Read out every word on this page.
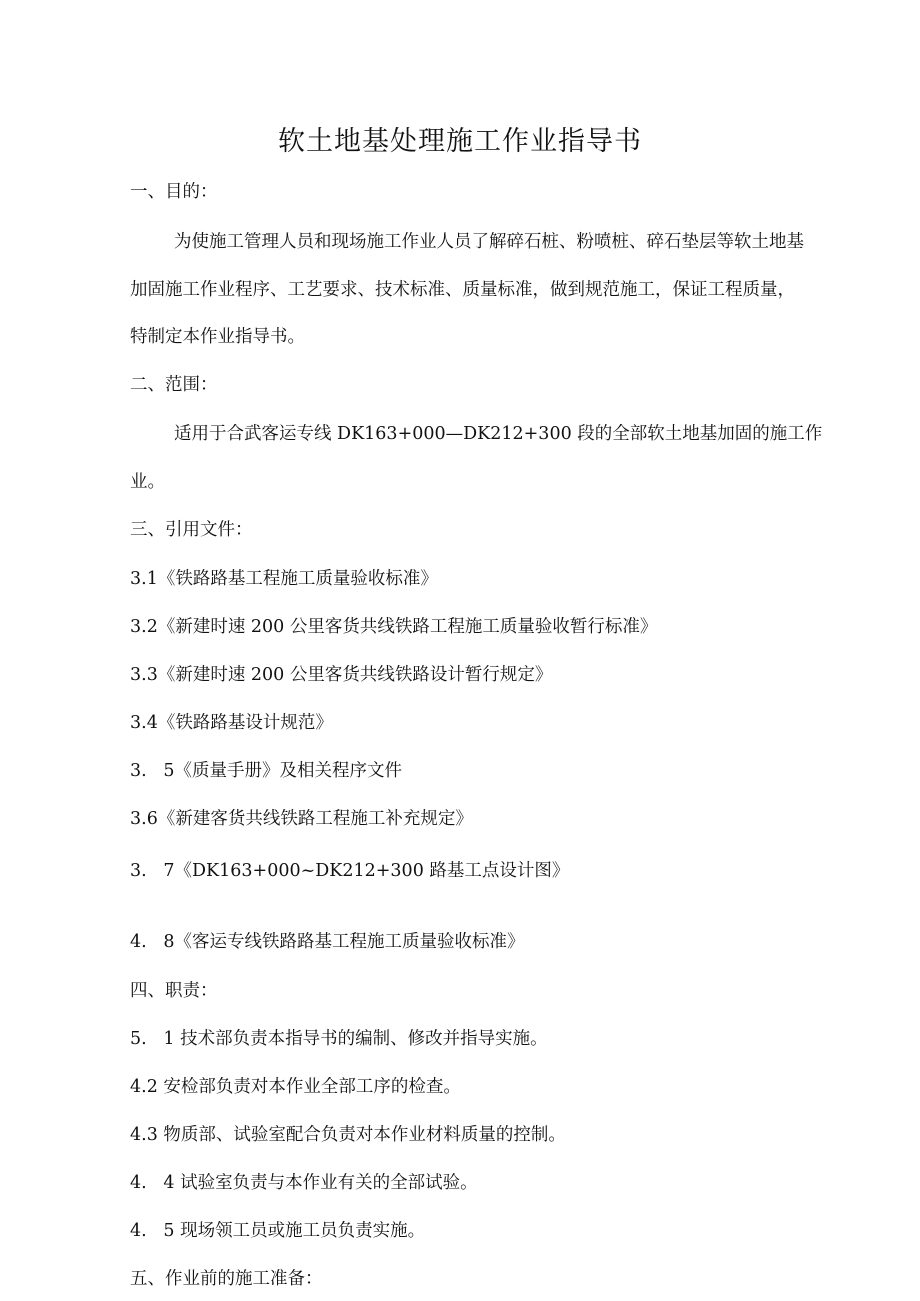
软土地基处理施工作业指导书
一、目的：
为使施工管理人员和现场施工作业人员了解碎石桩、粉喷桩、碎石垫层等软土地基
加固施工作业程序、工艺要求、技术标准、质量标准，做到规范施工，保证工程质量，
特制定本作业指导书。
二、范围：
适用于合武客运专线 DK163+000—DK212+300 段的全部软土地基加固的施工作
业。
三、引用文件：
3.1《铁路路基工程施工质量验收标准》
3.2《新建时速 200 公里客货共线铁路工程施工质量验收暂行标准》
3.3《新建时速 200 公里客货共线铁路设计暂行规定》
3.4《铁路路基设计规范》
3.   5《质量手册》及相关程序文件
3.6《新建客货共线铁路工程施工补充规定》
3.   7《DK163+000~DK212+300 路基工点设计图》
4.   8《客运专线铁路路基工程施工质量验收标准》
四、职责：
5.   1 技术部负责本指导书的编制、修改并指导实施。
4.2 安检部负责对本作业全部工序的检查。
4.3 物质部、试验室配合负责对本作业材料质量的控制。
4.   4 试验室负责与本作业有关的全部试验。
4.   5 现场领工员或施工员负责实施。
五、作业前的施工准备：
